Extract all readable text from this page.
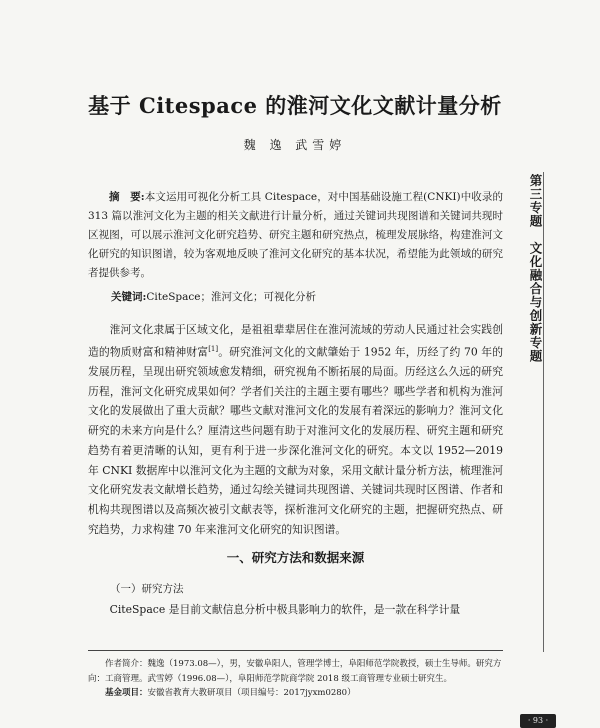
基于 Citespace 的淮河文化文献计量分析
魏 逸 武雪婷
摘　要:本文运用可视化分析工具 Citespace，对中国基础设施工程(CNKI)中收录的 313 篇以淮河文化为主题的相关文献进行计量分析，通过关键词共现图谱和关键词共现时区视图，可以展示淮河文化研究趋势、研究主题和研究热点，梳理发展脉络，构建淮河文化研究的知识图谱，较为客观地反映了淮河文化研究的基本状况，希望能为此领域的研究者提供参考。
关键词:CiteSpace；淮河文化；可视化分析
淮河文化隶属于区域文化，是祖祖辈辈居住在淮河流域的劳动人民通过社会实践创造的物质财富和精神财富[1]。研究淮河文化的文献肇始于 1952 年，历经了约 70 年的发展历程，呈现出研究领域愈发精细，研究视角不断拓展的局面。历经这么久远的研究历程，淮河文化研究成果如何？学者们关注的主题主要有哪些？哪些学者和机构为淮河文化的发展做出了重大贡献？哪些文献对淮河文化的发展有着深远的影响力？淮河文化研究的未来方向是什么？厘清这些问题有助于对淮河文化的发展历程、研究主题和研究趋势有着更清晰的认知，更有利于进一步深化淮河文化的研究。本文以 1952—2019 年 CNKI 数据库中以淮河文化为主题的文献为对象，采用文献计量分析方法，梳理淮河文化研究发表文献增长趋势，通过勾绘关键词共现图谱、关键词共现时区图谱、作者和机构共现图谱以及高频次被引文献表等，探析淮河文化研究的主题，把握研究热点、研究趋势，力求构建 70 年来淮河文化研究的知识图谱。
一、研究方法和数据来源
（一）研究方法
CiteSpace 是目前文献信息分析中极具影响力的软件，是一款在科学计量
作者简介：魏逸（1973.08—），男，安徽阜阳人，管理学博士，阜阳师范学院教授，硕士生导师。研究方向：工商管理。武雪婷（1996.08—），阜阳师范学院商学院 2018 级工商管理专业硕士研究生。
基金项目：安徽省教育大教研项目（项目编号：2017jyxm0280）
第三专题　文化融合与创新专题
· 93 ·
